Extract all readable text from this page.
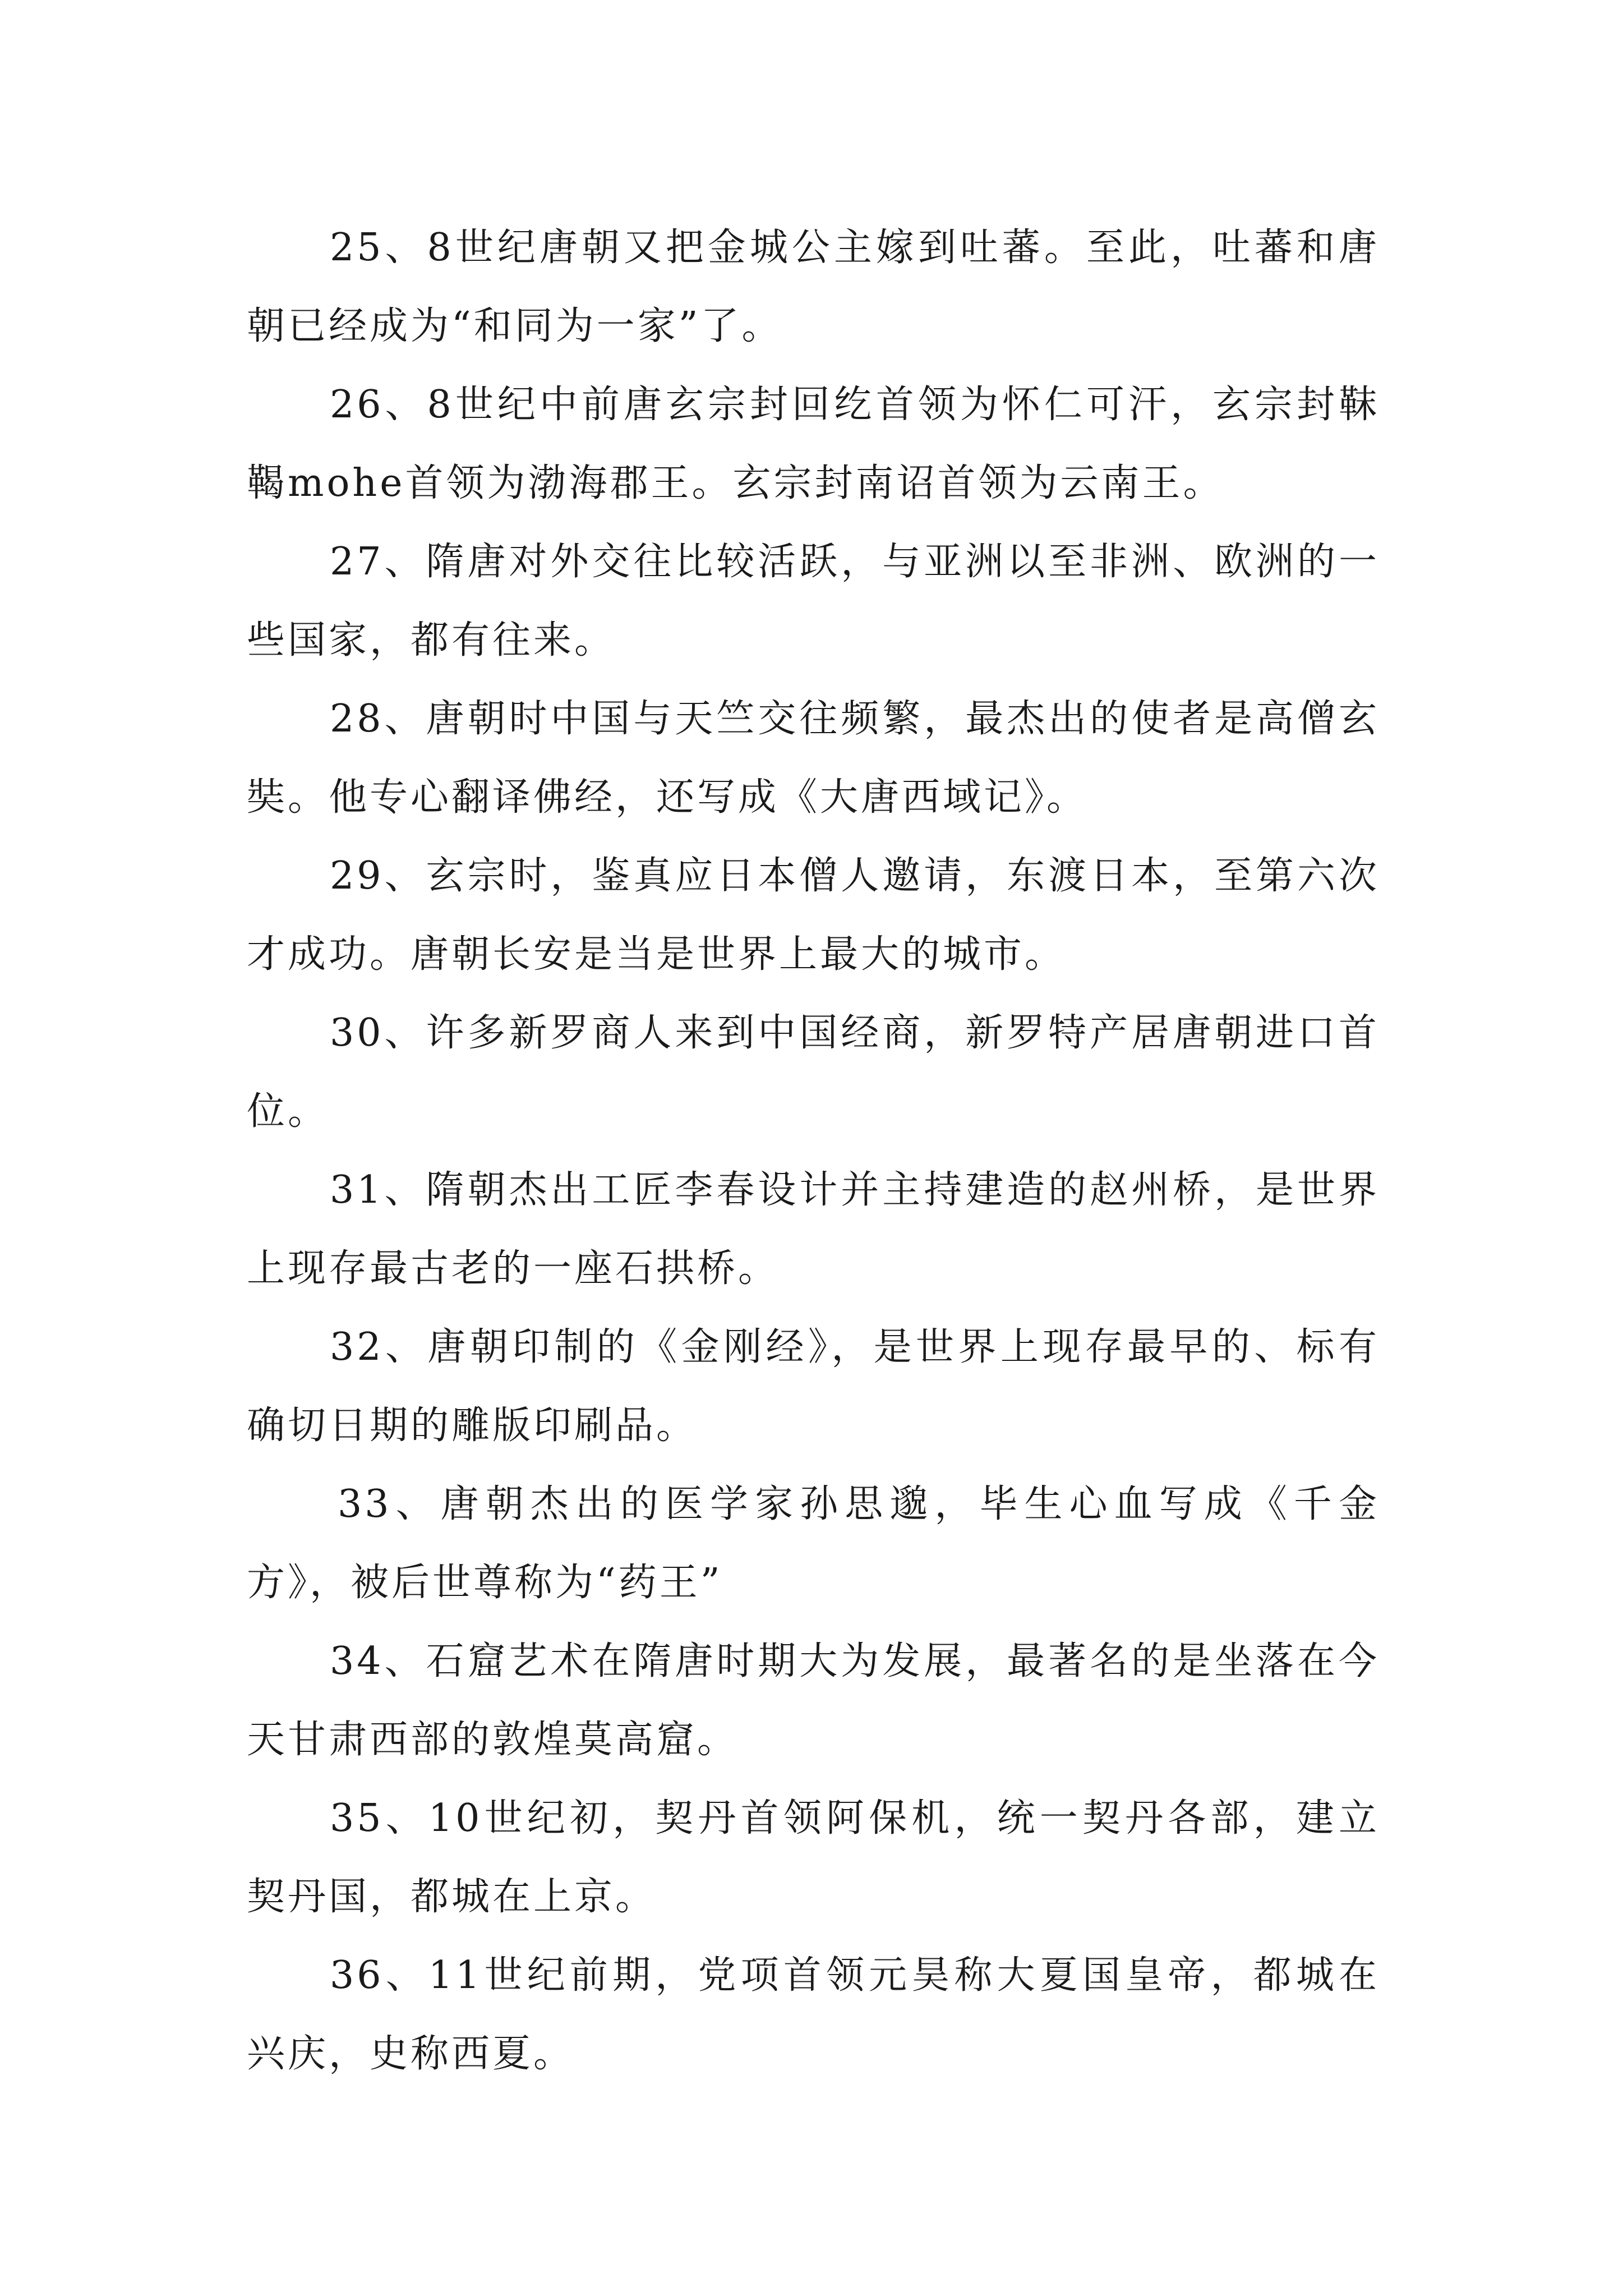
25、8世纪唐朝又把金城公主嫁到吐蕃。至此，吐蕃和唐朝已经成为“和同为一家”了。

26、8世纪中前唐玄宗封回纥首领为怀仁可汗，玄宗封靺鞨mohe首领为渤海郡王。玄宗封南诏首领为云南王。

27、隋唐对外交往比较活跃，与亚洲以至非洲、欧洲的一些国家，都有往来。

28、唐朝时中国与天竺交往频繁，最杰出的使者是高僧玄奘。他专心翻译佛经，还写成《大唐西域记》。

29、玄宗时，鉴真应日本僧人邀请，东渡日本，至第六次才成功。唐朝长安是当是世界上最大的城市。

30、许多新罗商人来到中国经商，新罗特产居唐朝进口首位。

31、隋朝杰出工匠李春设计并主持建造的赵州桥，是世界上现存最古老的一座石拱桥。

32、唐朝印制的《金刚经》，是世界上现存最早的、标有确切日期的雕版印刷品。

33、唐朝杰出的医学家孙思邈，毕生心血写成《千金方》，被后世尊称为“药王”

34、石窟艺术在隋唐时期大为发展，最著名的是坐落在今天甘肃西部的敦煌莫高窟。

35、10世纪初，契丹首领阿保机，统一契丹各部，建立契丹国，都城在上京。

36、11世纪前期，党项首领元昊称大夏国皇帝，都城在兴庆，史称西夏。
